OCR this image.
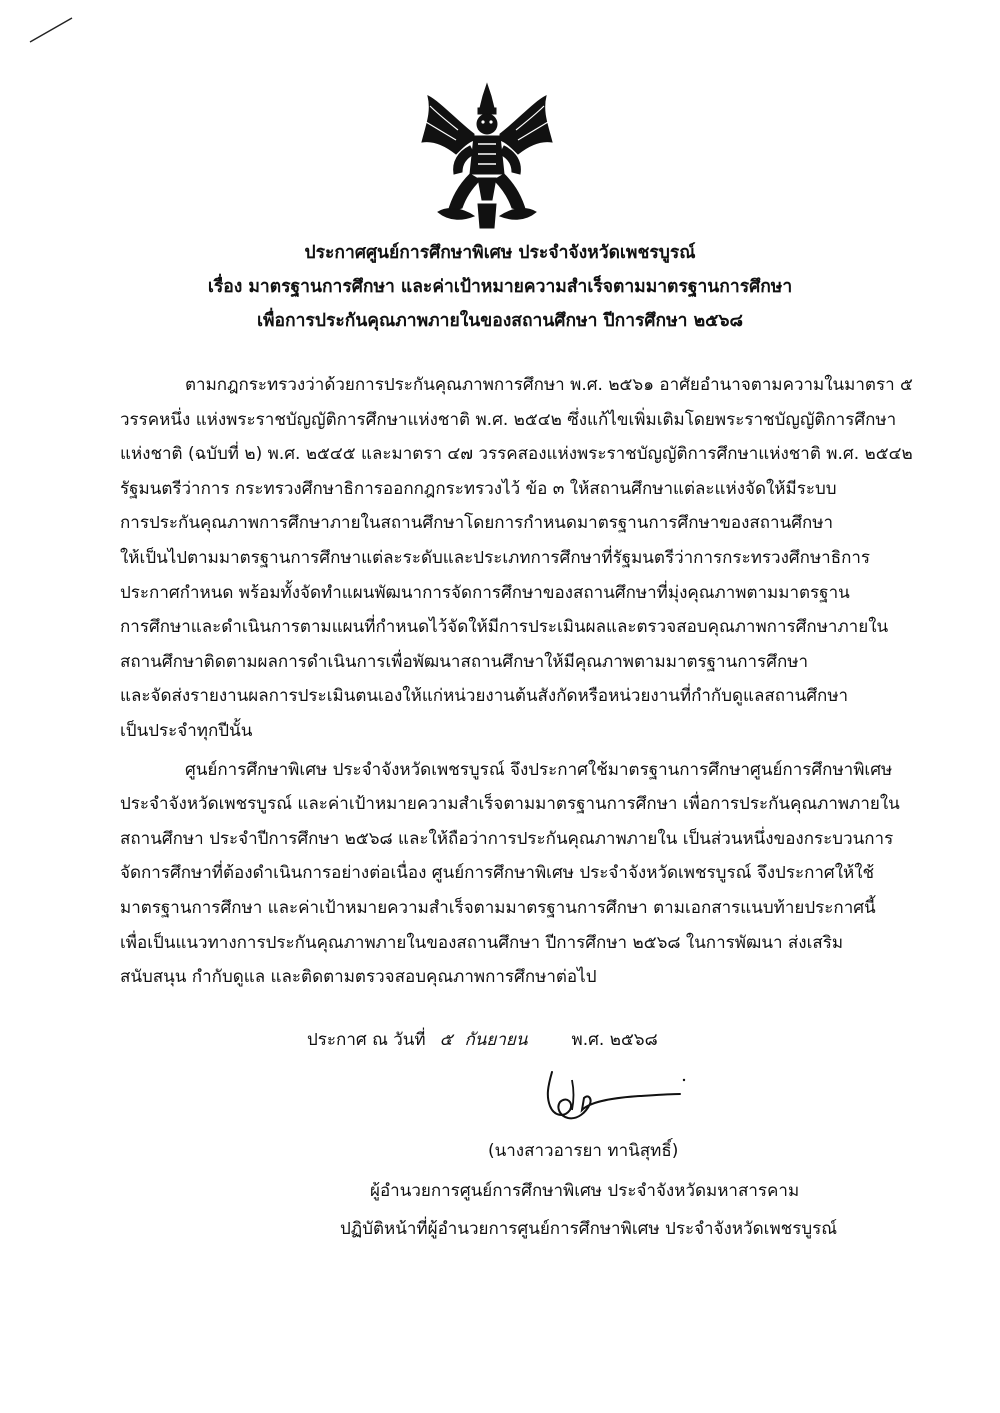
ประกาศศูนย์การศึกษาพิเศษ ประจำจังหวัดเพชรบูรณ์
เรื่อง มาตรฐานการศึกษา และค่าเป้าหมายความสำเร็จตามมาตรฐานการศึกษา
เพื่อการประกันคุณภาพภายในของสถานศึกษา ปีการศึกษา ๒๕๖๘
ตามกฎกระทรวงว่าด้วยการประกันคุณภาพการศึกษา พ.ศ. ๒๕๖๑ อาศัยอำนาจตามความในมาตรา ๕
วรรคหนึ่ง แห่งพระราชบัญญัติการศึกษาแห่งชาติ พ.ศ. ๒๕๔๒ ซึ่งแก้ไขเพิ่มเติมโดยพระราชบัญญัติการศึกษา
แห่งชาติ (ฉบับที่ ๒) พ.ศ. ๒๕๔๕ และมาตรา ๔๗ วรรคสองแห่งพระราชบัญญัติการศึกษาแห่งชาติ พ.ศ. ๒๕๔๒
รัฐมนตรีว่าการ กระทรวงศึกษาธิการออกกฎกระทรวงไว้ ข้อ ๓ ให้สถานศึกษาแต่ละแห่งจัดให้มีระบบ
การประกันคุณภาพการศึกษาภายในสถานศึกษาโดยการกำหนดมาตรฐานการศึกษาของสถานศึกษา
ให้เป็นไปตามมาตรฐานการศึกษาแต่ละระดับและประเภทการศึกษาที่รัฐมนตรีว่าการกระทรวงศึกษาธิการ
ประกาศกำหนด พร้อมทั้งจัดทำแผนพัฒนาการจัดการศึกษาของสถานศึกษาที่มุ่งคุณภาพตามมาตรฐาน
การศึกษาและดำเนินการตามแผนที่กำหนดไว้จัดให้มีการประเมินผลและตรวจสอบคุณภาพการศึกษาภายใน
สถานศึกษาติดตามผลการดำเนินการเพื่อพัฒนาสถานศึกษาให้มีคุณภาพตามมาตรฐานการศึกษา
และจัดส่งรายงานผลการประเมินตนเองให้แก่หน่วยงานต้นสังกัดหรือหน่วยงานที่กำกับดูแลสถานศึกษา
เป็นประจำทุกปีนั้น
ศูนย์การศึกษาพิเศษ ประจำจังหวัดเพชรบูรณ์ จึงประกาศใช้มาตรฐานการศึกษาศูนย์การศึกษาพิเศษ
ประจำจังหวัดเพชรบูรณ์ และค่าเป้าหมายความสำเร็จตามมาตรฐานการศึกษา เพื่อการประกันคุณภาพภายใน
สถานศึกษา ประจำปีการศึกษา ๒๕๖๘ และให้ถือว่าการประกันคุณภาพภายใน เป็นส่วนหนึ่งของกระบวนการ
จัดการศึกษาที่ต้องดำเนินการอย่างต่อเนื่อง ศูนย์การศึกษาพิเศษ ประจำจังหวัดเพชรบูรณ์ จึงประกาศให้ใช้
มาตรฐานการศึกษา และค่าเป้าหมายความสำเร็จตามมาตรฐานการศึกษา ตามเอกสารแนบท้ายประกาศนี้
เพื่อเป็นแนวทางการประกันคุณภาพภายในของสถานศึกษา ปีการศึกษา ๒๕๖๘ ในการพัฒนา ส่งเสริม
สนับสนุน กำกับดูแล และติดตามตรวจสอบคุณภาพการศึกษาต่อไป
ประกาศ ณ วันที่ ๕ กันยายน	พ.ศ. ๒๕๖๘
(นางสาวอารยา ทานิสุทธิ์)
ผู้อำนวยการศูนย์การศึกษาพิเศษ ประจำจังหวัดมหาสารคาม
ปฏิบัติหน้าที่ผู้อำนวยการศูนย์การศึกษาพิเศษ ประจำจังหวัดเพชรบูรณ์
